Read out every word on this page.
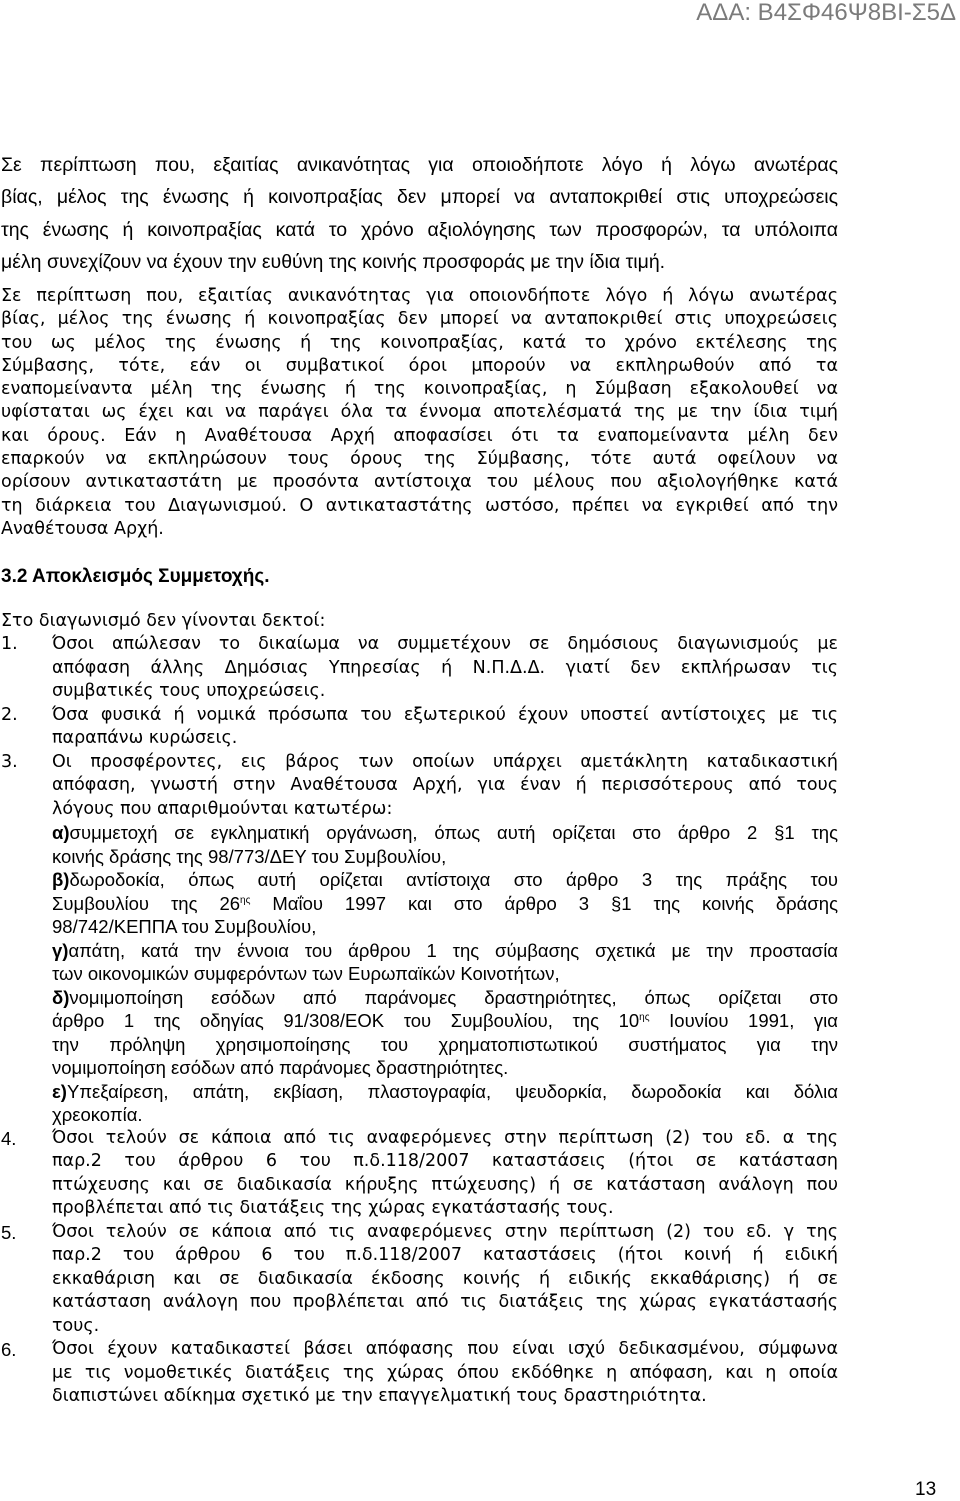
ΑΔΑ: Β4ΣΦ46Ψ8ΒΙ-Σ5Δ
Σε περίπτωση που, εξαιτίας ανικανότητας για οποιοδήποτε λόγο ή λόγω ανωτέρας
βίας, μέλος της ένωσης ή κοινοπραξίας δεν μπορεί να ανταποκριθεί στις υποχρεώσεις
της ένωσης ή κοινοπραξίας κατά το χρόνο αξιολόγησης των προσφορών, τα υπόλοιπα
μέλη συνεχίζουν να έχουν την ευθύνη της κοινής προσφοράς με την ίδια τιμή.
Σε περίπτωση που, εξαιτίας ανικανότητας για οποιονδήποτε λόγο ή λόγω ανωτέρας
βίας, μέλος της ένωσης ή κοινοπραξίας δεν μπορεί να ανταποκριθεί στις υποχρεώσεις
του ως μέλος της ένωσης ή της κοινοπραξίας, κατά το χρόνο εκτέλεσης της
Σύμβασης, τότε, εάν οι συμβατικοί όροι μπορούν να εκπληρωθούν από τα
εναπομείναντα μέλη της ένωσης ή της κοινοπραξίας, η Σύμβαση εξακολουθεί να
υφίσταται ως έχει και να παράγει όλα τα έννομα αποτελέσματά της με την ίδια τιμή
και όρους. Εάν η Αναθέτουσα Αρχή αποφασίσει ότι τα εναπομείναντα μέλη δεν
επαρκούν να εκπληρώσουν τους όρους της Σύμβασης, τότε αυτά οφείλουν να
ορίσουν αντικαταστάτη με προσόντα αντίστοιχα του μέλους που αξιολογήθηκε κατά
τη διάρκεια του Διαγωνισμού. Ο αντικαταστάτης ωστόσο, πρέπει να εγκριθεί από την
Αναθέτουσα Αρχή.
3.2 Αποκλεισμός Συμμετοχής.
Στο διαγωνισμό δεν γίνονται δεκτοί:
1. Όσοι απώλεσαν το δικαίωμα να συμμετέχουν σε δημόσιους διαγωνισμούς με
απόφαση άλλης Δημόσιας Υπηρεσίας ή Ν.Π.Δ.Δ. γιατί δεν εκπλήρωσαν τις
συμβατικές τους υποχρεώσεις.
2. Όσα φυσικά ή νομικά πρόσωπα του εξωτερικού έχουν υποστεί αντίστοιχες με τις
παραπάνω κυρώσεις.
3. Οι προσφέροντες, εις βάρος των οποίων υπάρχει αμετάκλητη καταδικαστική
απόφαση, γνωστή στην Αναθέτουσα Αρχή, για έναν ή περισσότερους από τους
λόγους που απαριθμούνται κατωτέρω:
α)συμμετοχή σε εγκληματική οργάνωση, όπως αυτή ορίζεται στο άρθρο 2 §1 της
κοινής δράσης της 98/773/ΔΕΥ του Συμβουλίου,
β)δωροδοκία, όπως αυτή ορίζεται αντίστοιχα στο άρθρο 3 της πράξης του
Συμβουλίου της $26^{\eta\varsigma}$ Μαΐου 1997 και στο άρθρο 3 §1 της κοινής δράσης
98/742/ΚΕΠΠΑ του Συμβουλίου,
γ)απάτη, κατά την έννοια του άρθρου 1 της σύμβασης σχετικά με την προστασία
των οικονομικών συμφερόντων των Ευρωπαϊκών Κοινοτήτων,
δ)νομιμοποίηση εσόδων από παράνομες δραστηριότητες, όπως ορίζεται στο
άρθρο 1 της οδηγίας 91/308/ΕΟΚ του Συμβουλίου, της $10^{\eta\varsigma}$ Ιουνίου 1991, για
την πρόληψη χρησιμοποίησης του χρηματοπιστωτικού συστήματος για την
νομιμοποίηση εσόδων από παράνομες δραστηριότητες.
ε)Υπεξαίρεση, απάτη, εκβίαση, πλαστογραφία, ψευδορκία, δωροδοκία και δόλια
χρεοκοπία.
4. Όσοι τελούν σε κάποια από τις αναφερόμενες στην περίπτωση (2) του εδ. α της
παρ.2 του άρθρου 6 του π.δ.118/2007 καταστάσεις (ήτοι σε κατάσταση
πτώχευσης και σε διαδικασία κήρυξης πτώχευσης) ή σε κατάσταση ανάλογη που
προβλέπεται από τις διατάξεις της χώρας εγκατάστασής τους.
5. Όσοι τελούν σε κάποια από τις αναφερόμενες στην περίπτωση (2) του εδ. γ της
παρ.2 του άρθρου 6 του π.δ.118/2007 καταστάσεις (ήτοι κοινή ή ειδική
εκκαθάριση και σε διαδικασία έκδοσης κοινής ή ειδικής εκκαθάρισης) ή σε
κατάσταση ανάλογη που προβλέπεται από τις διατάξεις της χώρας εγκατάστασής
τους.
6. Όσοι έχουν καταδικαστεί βάσει απόφασης που είναι ισχύ δεδικασμένου, σύμφωνα
με τις νομοθετικές διατάξεις της χώρας όπου εκδόθηκε η απόφαση, και η οποία
διαπιστώνει αδίκημα σχετικό με την επαγγελματική τους δραστηριότητα.
13
